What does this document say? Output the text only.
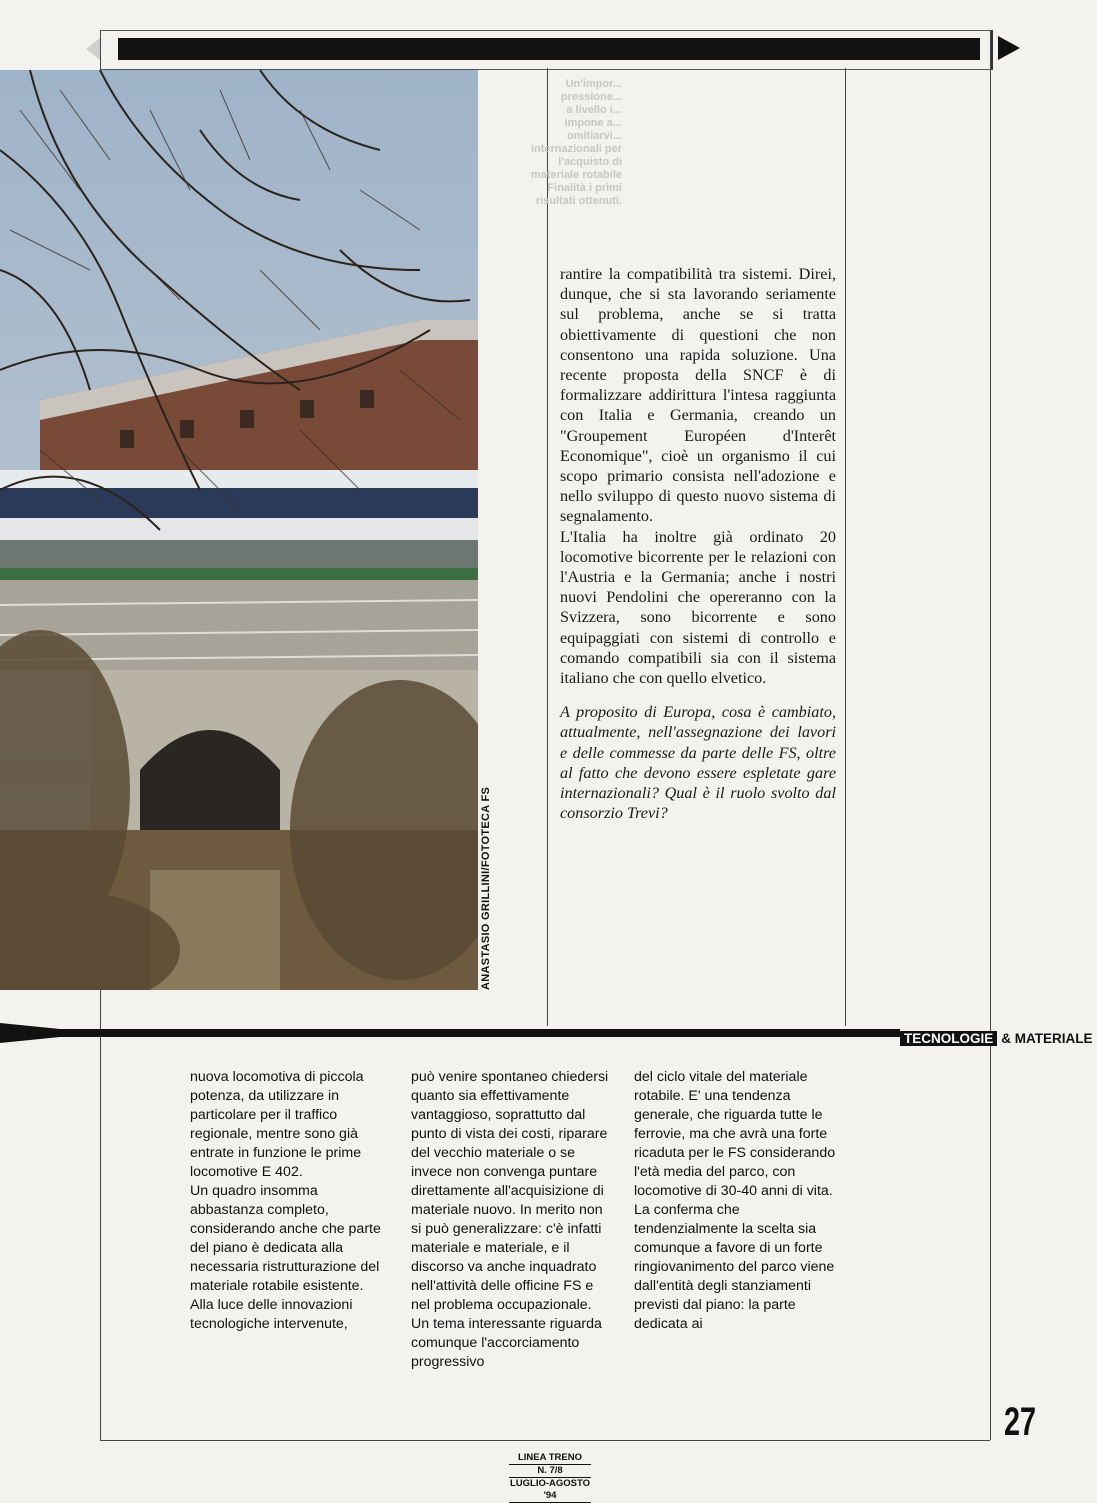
ANASTASIO GRILLINI/FOTOTECA FS
Un'impor...
pressione...
a livello i...
impone a...
omitiarvi...
internazionali per
l'acquisto di
materiale rotabile
Finalità i primi
risultati ottenuti.

rantire la compatibilità tra sistemi. Direi, dunque, che si sta lavorando seriamente sul problema, anche se si tratta obiettivamente di questioni che non consentono una rapida soluzione. Una recente proposta della SNCF è di formalizzare addirittura l'intesa raggiunta con Italia e Germania, creando un "Groupement Européen d'Interêt Economique", cioè un organismo il cui scopo primario consista nell'adozione e nello sviluppo di questo nuovo sistema di segnalamento.

L'Italia ha inoltre già ordinato 20 locomotive bicorrente per le relazioni con l'Austria e la Germania; anche i nostri nuovi Pendolini che opereranno con la Svizzera, sono bicorrente e sono equipaggiati con sistemi di controllo e comando compatibili sia con il sistema italiano che con quello elvetico.

A proposito di Europa, cosa è cambiato, attualmente, nell'assegnazione dei lavori e delle commesse da parte delle FS, oltre al fatto che devono essere espletate gare internazionali? Qual è il ruolo svolto dal consorzio Trevi?

TECNOLOGIE & MATERIALE

nuova locomotiva di piccola potenza, da utilizzare in particolare per il traffico regionale, mentre sono già entrate in funzione le prime locomotive E 402.

Un quadro insomma abbastanza completo, considerando anche che parte del piano è dedicata alla necessaria ristrutturazione del materiale rotabile esistente. Alla luce delle innovazioni tecnologiche intervenute,

può venire spontaneo chiedersi quanto sia effettivamente vantaggioso, soprattutto dal punto di vista dei costi, riparare del vecchio materiale o se invece non convenga puntare direttamente all'acquisizione di materiale nuovo. In merito non si può generalizzare: c'è infatti materiale e materiale, e il discorso va anche inquadrato nell'attività delle officine FS e nel problema occupazionale.

Un tema interessante riguarda comunque l'accorciamento progressivo

del ciclo vitale del materiale rotabile. E' una tendenza generale, che riguarda tutte le ferrovie, ma che avrà una forte ricaduta per le FS considerando l'età media del parco, con locomotive di 30-40 anni di vita. La conferma che tendenzialmente la scelta sia comunque a favore di un forte ringiovanimento del parco viene dall'entità degli stanziamenti previsti dal piano: la parte dedicata ai

27
LINEA TRENO
N. 7/8
LUGLIO-AGOSTO '94
